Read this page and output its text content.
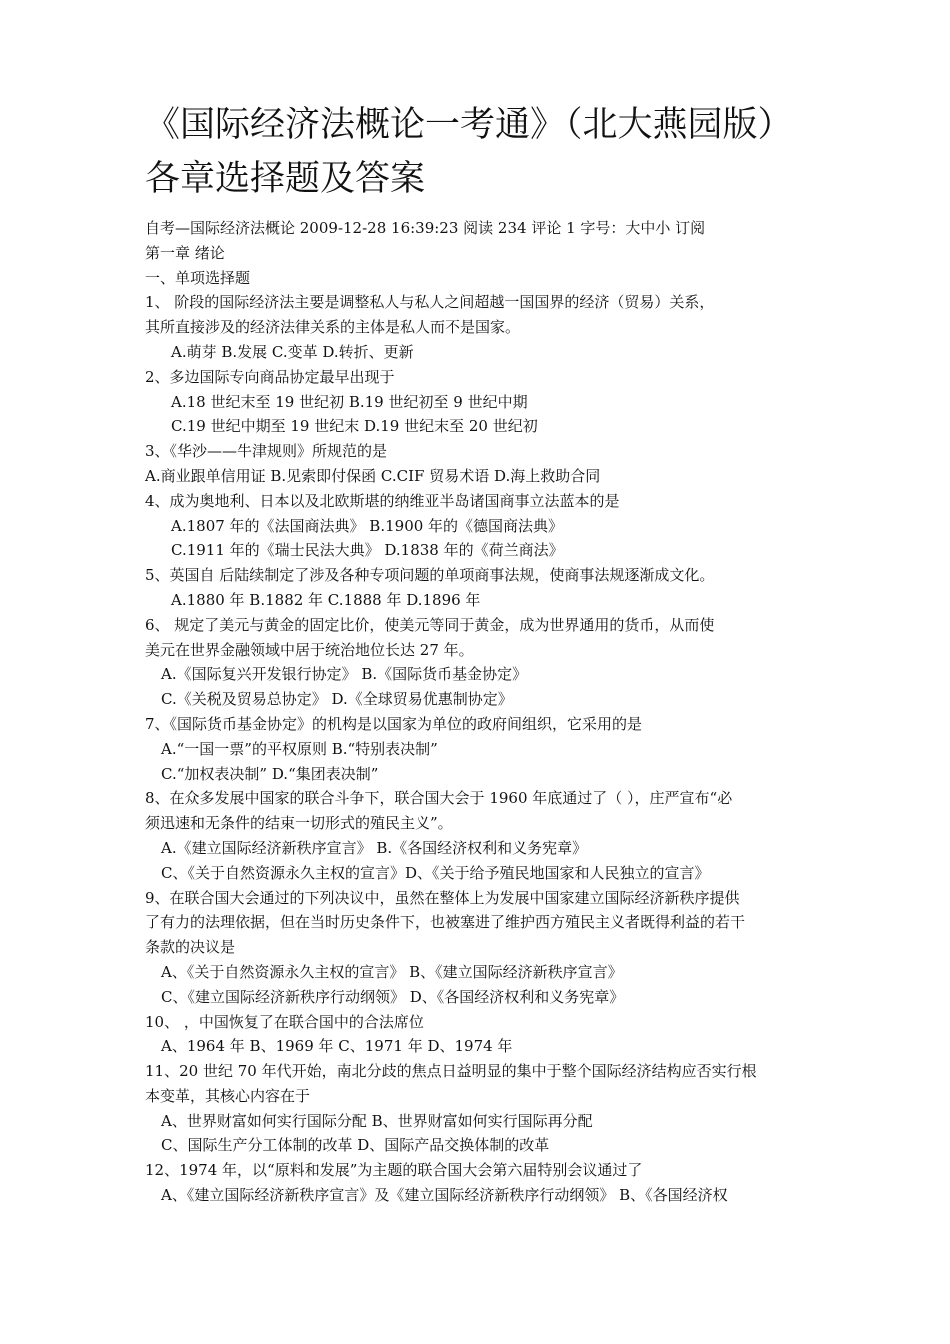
《国际经济法概论一考通》（北大燕园版）
各章选择题及答案
自考—国际经济法概论 2009-12-28 16:39:23 阅读 234 评论 1 字号：大中小 订阅
第一章 绪论
一、单项选择题
1、 阶段的国际经济法主要是调整私人与私人之间超越一国国界的经济（贸易）关系，
其所直接涉及的经济法律关系的主体是私人而不是国家。
A.萌芽 B.发展 C.变革 D.转折、更新
2、多边国际专向商品协定最早出现于
A.18 世纪末至 19 世纪初 B.19 世纪初至 9 世纪中期
C.19 世纪中期至 19 世纪末 D.19 世纪末至 20 世纪初
3、《华沙——牛津规则》所规范的是
A.商业跟单信用证 B.见索即付保函 C.CIF 贸易术语 D.海上救助合同
4、成为奥地利、日本以及北欧斯堪的纳维亚半岛诸国商事立法蓝本的是
A.1807 年的《法国商法典》 B.1900 年的《德国商法典》
C.1911 年的《瑞士民法大典》 D.1838 年的《荷兰商法》
5、英国自 后陆续制定了涉及各种专项问题的单项商事法规，使商事法规逐渐成文化。
A.1880 年 B.1882 年 C.1888 年 D.1896 年
6、 规定了美元与黄金的固定比价，使美元等同于黄金，成为世界通用的货币，从而使
美元在世界金融领域中居于统治地位长达 27 年。
A.《国际复兴开发银行协定》 B.《国际货币基金协定》
C.《关税及贸易总协定》 D.《全球贸易优惠制协定》
7、《国际货币基金协定》的机构是以国家为单位的政府间组织，它采用的是
A.“一国一票”的平权原则 B.“特别表决制”
C.“加权表决制” D.“集团表决制”
8、在众多发展中国家的联合斗争下，联合国大会于 1960 年底通过了（ ），庄严宣布“必
须迅速和无条件的结束一切形式的殖民主义”。
A.《建立国际经济新秩序宣言》 B.《各国经济权利和义务宪章》
C、《关于自然资源永久主权的宣言》D、《关于给予殖民地国家和人民独立的宣言》
9、在联合国大会通过的下列决议中，虽然在整体上为发展中国家建立国际经济新秩序提供
了有力的法理依据，但在当时历史条件下，也被塞进了维护西方殖民主义者既得利益的若干
条款的决议是
A、《关于自然资源永久主权的宣言》 B、《建立国际经济新秩序宣言》
C、《建立国际经济新秩序行动纲领》 D、《各国经济权利和义务宪章》
10、 ，中国恢复了在联合国中的合法席位
A、1964 年 B、1969 年 C、1971 年 D、1974 年
11、20 世纪 70 年代开始，南北分歧的焦点日益明显的集中于整个国际经济结构应否实行根
本变革，其核心内容在于
A、世界财富如何实行国际分配 B、世界财富如何实行国际再分配
C、国际生产分工体制的改革 D、国际产品交换体制的改革
12、1974 年，以“原料和发展”为主题的联合国大会第六届特别会议通过了
A、《建立国际经济新秩序宣言》及《建立国际经济新秩序行动纲领》 B、《各国经济权
